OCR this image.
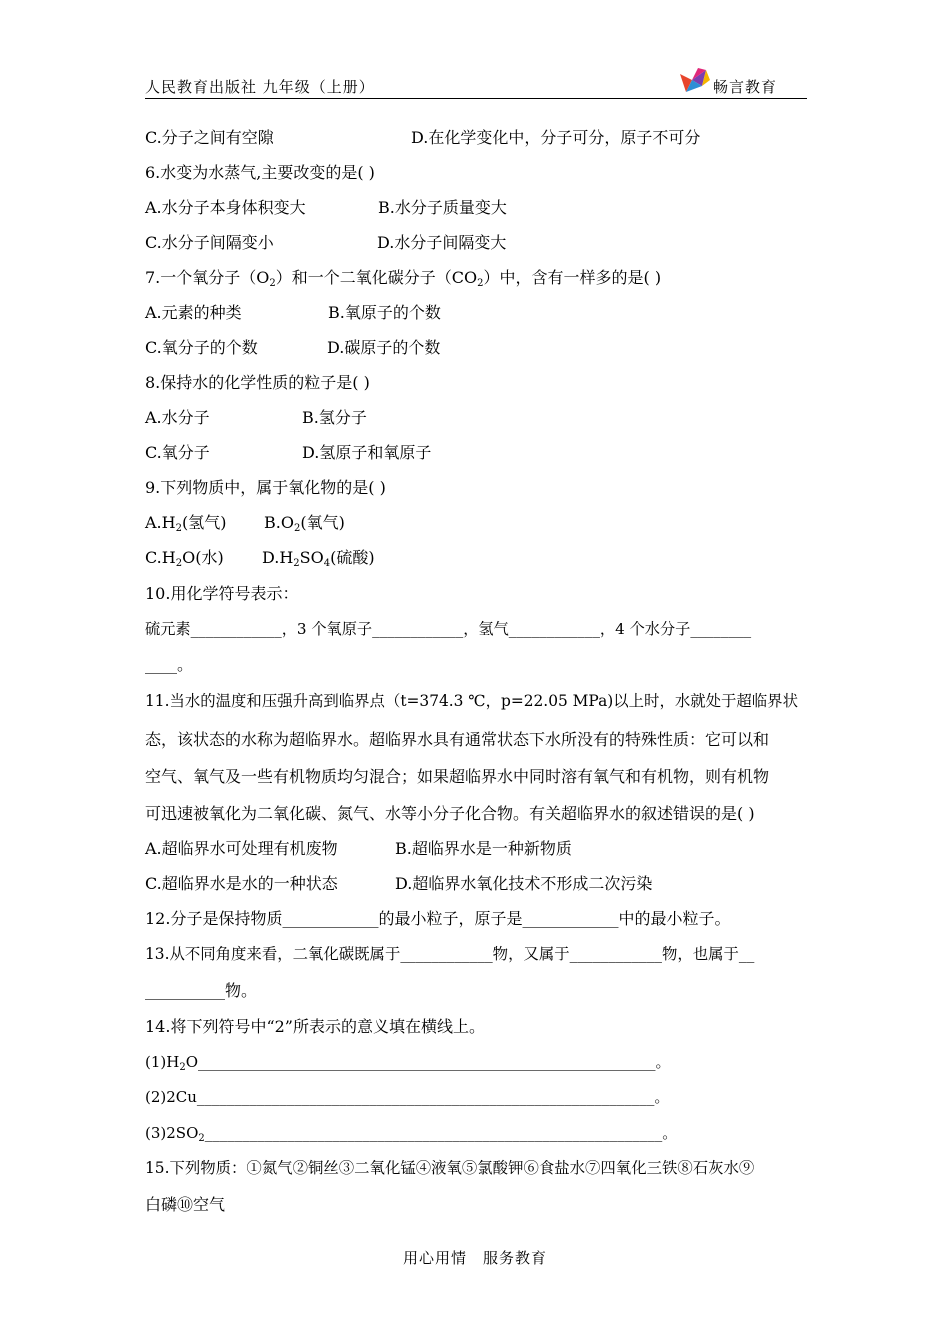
人民教育出版社 九年级（上册）	畅言教育
C.分子之间有空隙	D.在化学变化中，分子可分，原子不可分
6.水变为水蒸气,主要改变的是( )
A.水分子本身体积变大	B.水分子质量变大
C.水分子间隔变小	D.水分子间隔变大
7.一个氧分子$(O_2)$和一个二氧化碳分子$(CO_2)$中，含有一样多的是( )
A.元素的种类	B.氧原子的个数
C.氧分子的个数	D.碳原子的个数
8.保持水的化学性质的粒子是( )
A.水分子	B.氢分子
C.氧分子	D.氢原子和氧原子
9.下列物质中，属于氧化物的是( )
$A.H_2$(氢气) $B.O_2$(氧气)
$C.H_2O$(水) $D.H_2SO_4$(硫酸)
10.用化学符号表示：
硫元素____________，3 个氧原子____________，氢气____________，4 个水分子________
____。
11.当水的温度和压强升高到临界点（t=374.3 ℃，p=22.05 MPa)以上时，水就处于超临界状
态，该状态的水称为超临界水。超临界水具有通常状态下水所没有的特殊性质：它可以和
空气、氧气及一些有机物质均匀混合；如果超临界水中同时溶有氧气和有机物，则有机物
可迅速被氧化为二氧化碳、氮气、水等小分子化合物。有关超临界水的叙述错误的是( )
A.超临界水可处理有机废物	B.超临界水是一种新物质
C.超临界水是水的一种状态	D.超临界水氧化技术不形成二次污染
12.分子是保持物质____________的最小粒子，原子是____________中的最小粒子。
13.从不同角度来看，二氧化碳既属于____________物，又属于____________物，也属于__
__________物。
14.将下列符号中“2”所表示的意义填在横线上。
$(1)H_2O\_\_\_\_\_\_\_\_\_\_\_\_\_\_\_\_\_\_\_\_\_\_\_\_\_\_\_\_\_\_\_\_\_\_\_\_\_\_\_\_\_\_\_\_\_\_\_\_\_\_\_\_\_\_\_\_\_\_\_\_\_$。
(2)2Cu_____________________________________________________________。
$(3)2SO_2\_\_\_\_\_\_\_\_\_\_\_\_\_\_\_\_\_\_\_\_\_\_\_\_\_\_\_\_\_\_\_\_\_\_\_\_\_\_\_\_\_\_\_\_\_\_\_\_\_\_\_\_\_\_\_\_\_\_\_\_\_$。
15.下列物质：①氮气②铜丝③二氧化锰④液氧⑤氯酸钾⑥食盐水⑦四氧化三铁⑧石灰水⑨
白磷⑩空气
用心用情　服务教育
